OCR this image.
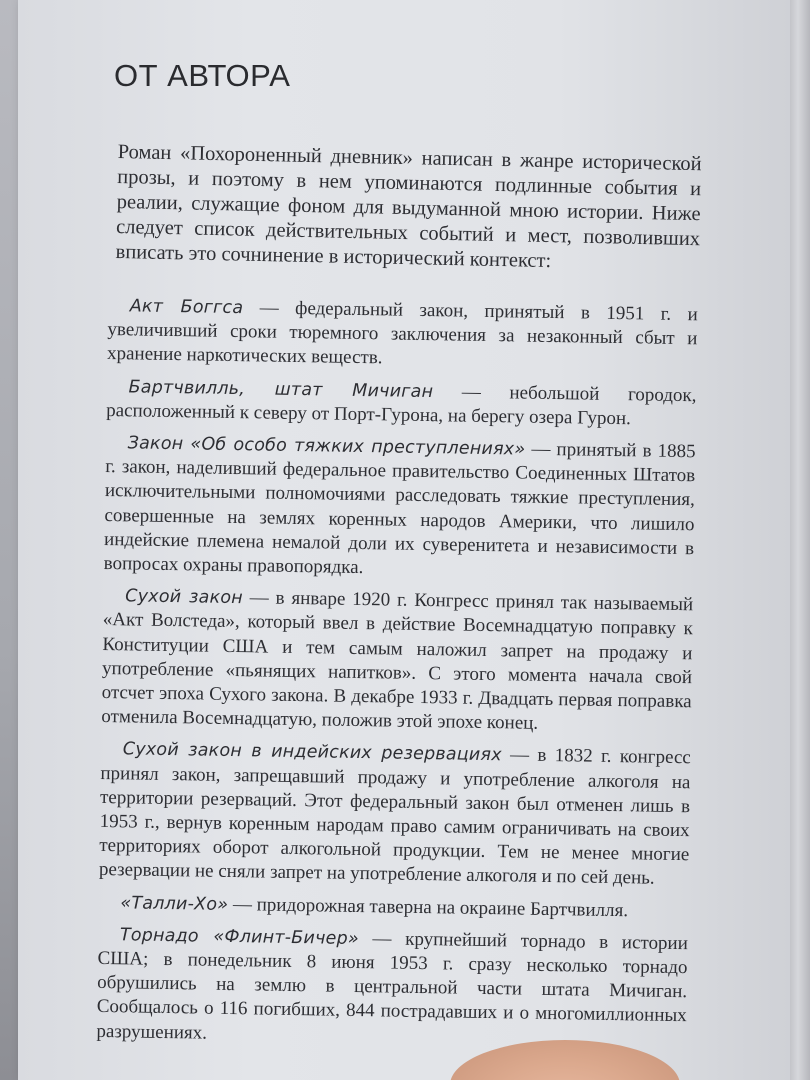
ОТ АВТОРА

Роман «Похороненный дневник» написан в жанре исторической прозы, и поэтому в нем упоминаются подлинные события и реалии, служащие фоном для выдуманной мною истории. Ниже следует список действительных событий и мест, позволивших вписать это сочнинение в исторический контекст:

Акт Боггса — федеральный закон, принятый в 1951 г. и увеличивший сроки тюремного заключения за незаконный сбыт и хранение наркотических веществ.

Бартчвилль, штат Мичиган — небольшой городок, расположенный к северу от Порт-Гурона, на берегу озера Гурон.

Закон «Об особо тяжких преступлениях» — принятый в 1885 г. закон, наделивший федеральное правительство Соединенных Штатов исключительными полномочиями расследовать тяжкие преступления, совершенные на землях коренных народов Америки, что лишило индейские племена немалой доли их суверенитета и независимости в вопросах охраны правопорядка.

Сухой закон — в январе 1920 г. Конгресс принял так называемый «Акт Волстеда», который ввел в действие Восемнадцатую поправку к Конституции США и тем самым наложил запрет на продажу и употребление «пьянящих напитков». С этого момента начала свой отсчет эпоха Сухого закона. В декабре 1933 г. Двадцать первая поправка отменила Восемнадцатую, положив этой эпохе конец.

Сухой закон в индейских резервациях — в 1832 г. конгресс принял закон, запрещавший продажу и употребление алкоголя на территории резерваций. Этот федеральный закон был отменен лишь в 1953 г., вернув коренным народам право самим ограничивать на своих территориях оборот алкогольной продукции. Тем не менее многие резервации не сняли запрет на употребление алкоголя и по сей день.

«Талли-Хо» — придорожная таверна на окраине Бартчвилля.

Торнадо «Флинт-Бичер» — крупнейший торнадо в истории США; в понедельник 8 июня 1953 г. сразу несколько торнадо обрушились на землю в центральной части штата Мичиган. Сообщалось о 116 погибших, 844 пострадавших и о многомиллионных разрушениях.
